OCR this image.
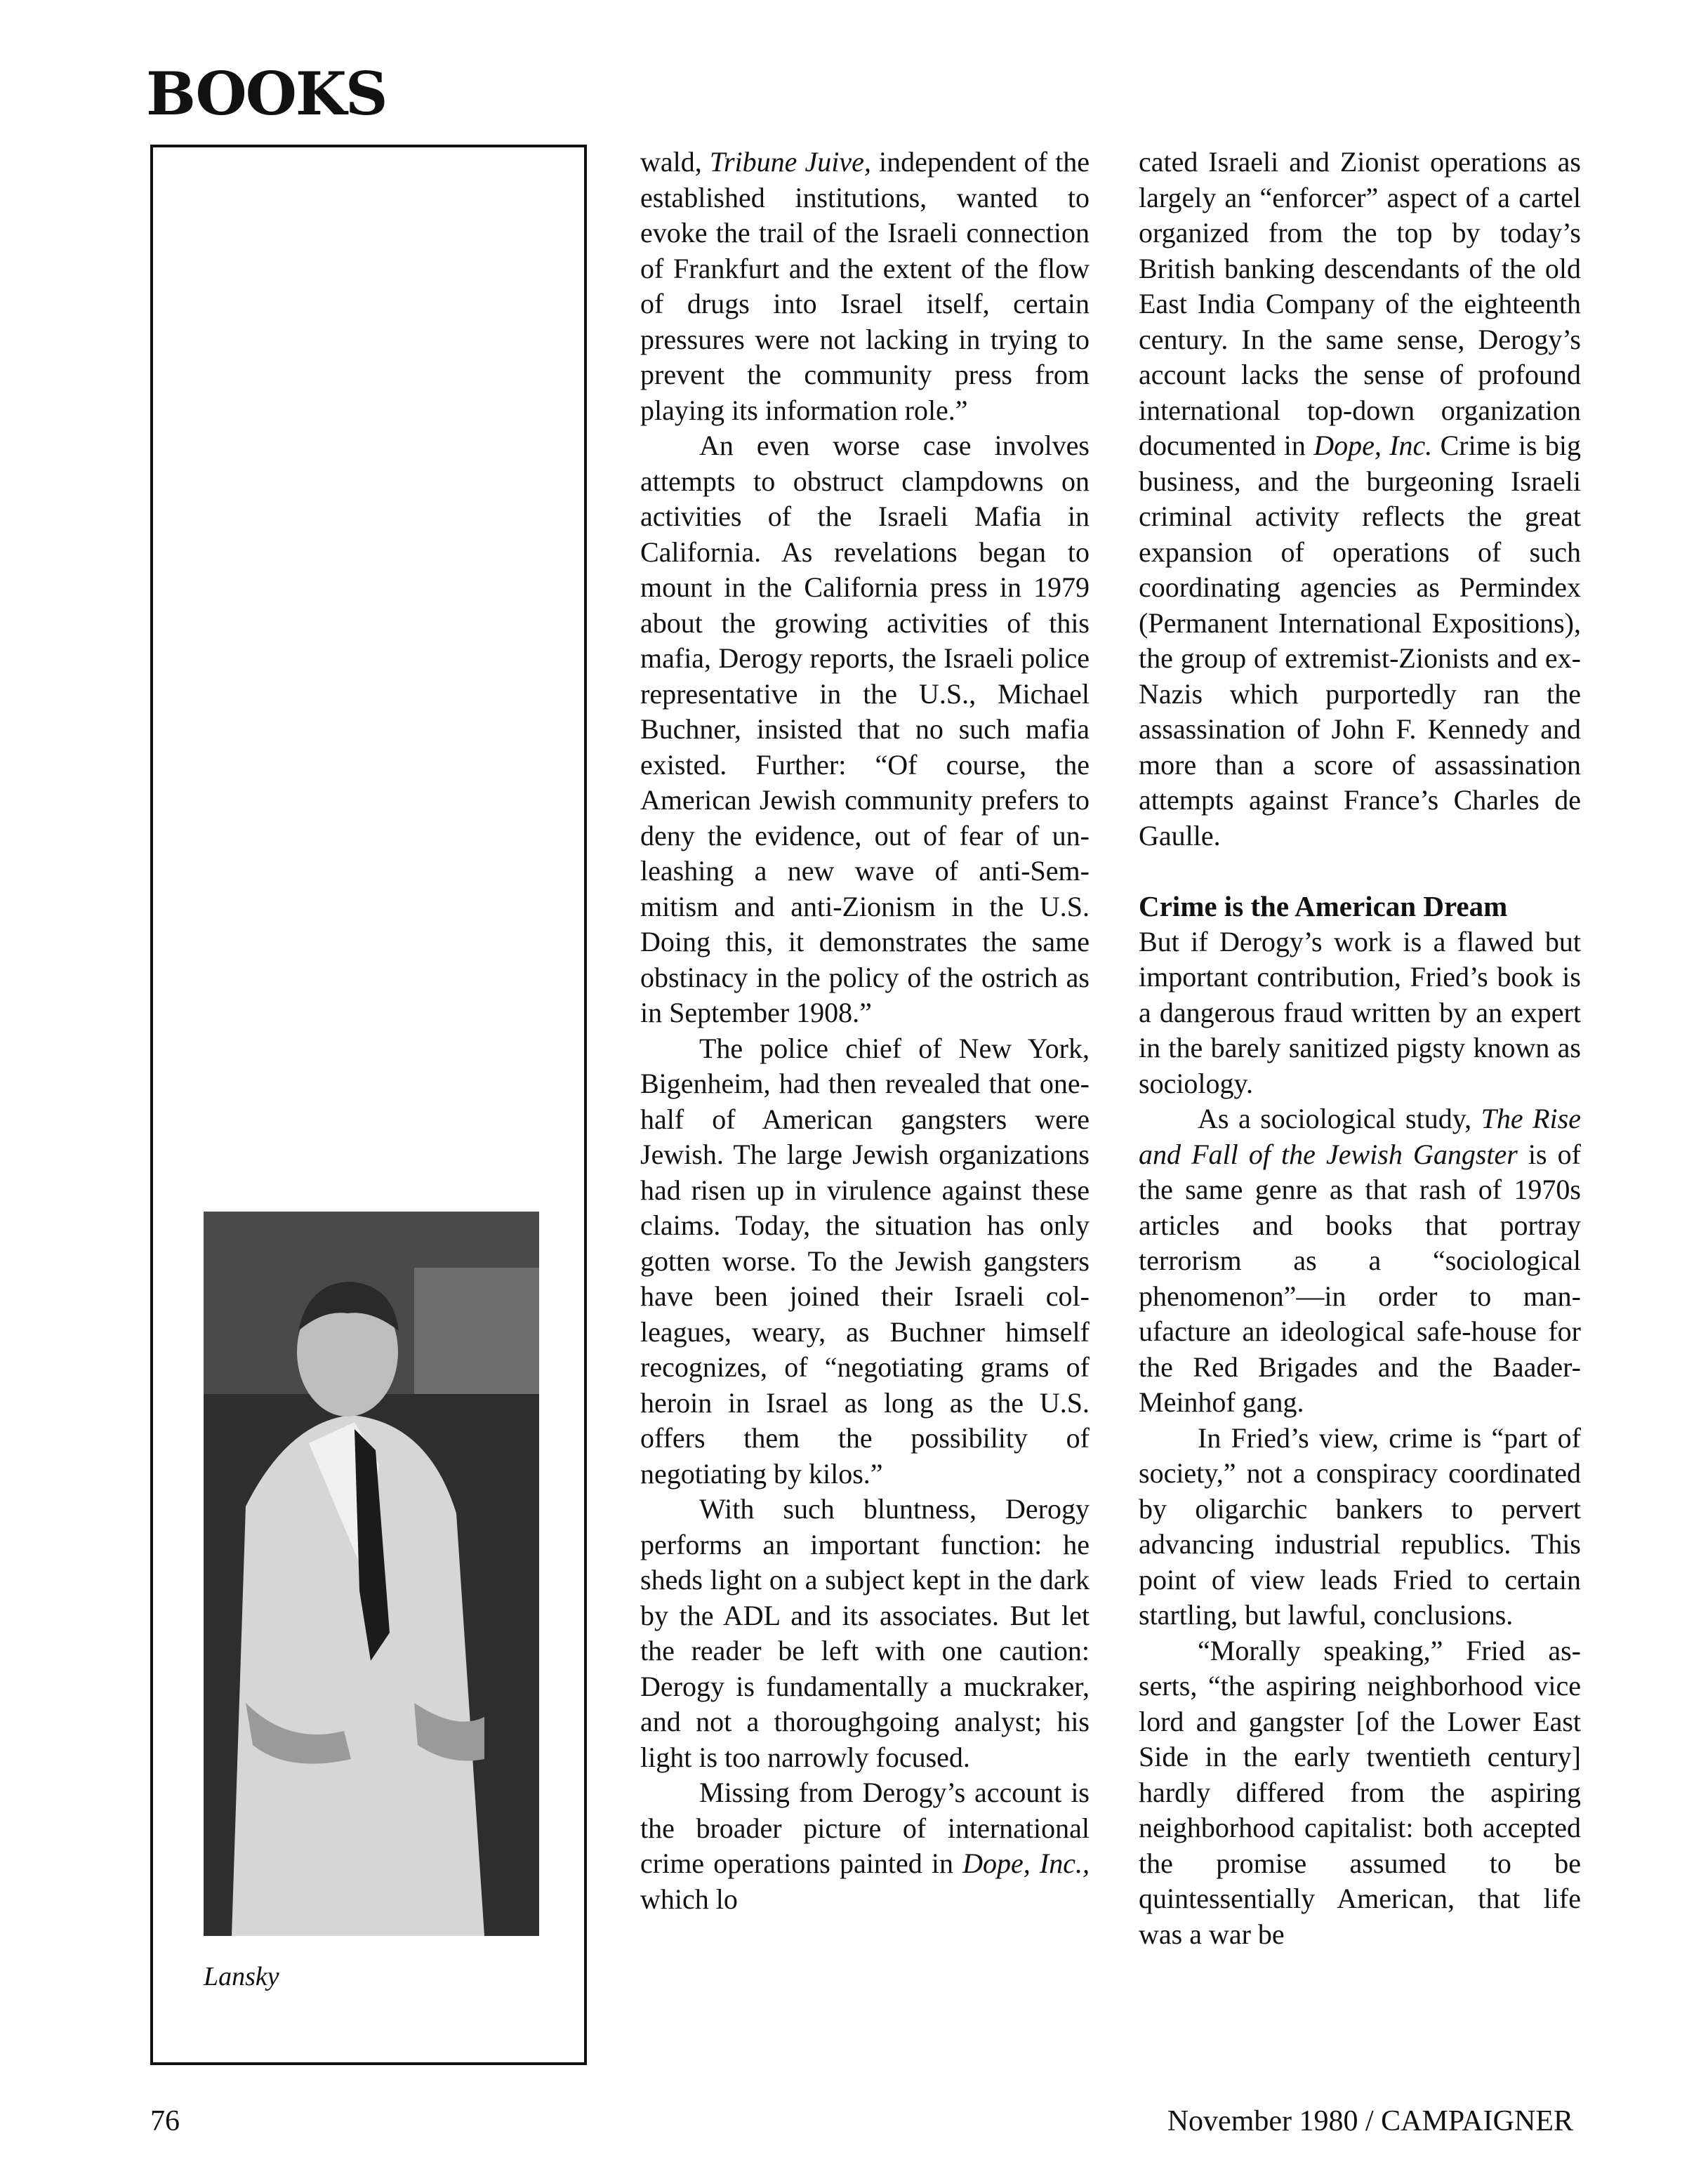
BOOKS

Lansky

wald, Tribune Juive, independent of the established institutions, wanted to evoke the trail of the Israeli connection of Frankfurt and the extent of the flow of drugs into Israel itself, certain pressures were not lacking in trying to prevent the community press from playing its information role.”

An even worse case involves attempts to obstruct clampdowns on activities of the Israeli Mafia in California. As revelations began to mount in the California press in 1979 about the growing activities of this mafia, Derogy reports, the Israeli police representative in the U.S., Michael Buchner, insisted that no such mafia existed. Further: “Of course, the American Jewish community prefers to deny the evidence, out of fear of unleashing a new wave of anti-Semmitism and anti-Zionism in the U.S. Doing this, it demonstrates the same obstinacy in the policy of the ostrich as in September 1908.”

The police chief of New York, Bigenheim, had then revealed that one-half of American gangsters were Jewish. The large Jewish organizations had risen up in virulence against these claims. Today, the situation has only gotten worse. To the Jewish gangsters have been joined their Israeli colleagues, weary, as Buchner himself recognizes, of “negotiating grams of heroin in Israel as long as the U.S. offers them the possibility of negotiating by kilos.”

With such bluntness, Derogy performs an important function: he sheds light on a subject kept in the dark by the ADL and its associates. But let the reader be left with one caution: Derogy is fundamentally a muckraker, and not a thoroughgoing analyst; his light is too narrowly focused.

Missing from Derogy’s account is the broader picture of international crime operations painted in Dope, Inc., which lo

cated Israeli and Zionist operations as largely an “enforcer” aspect of a cartel organized from the top by today’s British banking descendants of the old East India Company of the eighteenth century. In the same sense, Derogy’s account lacks the sense of profound international top-down organization documented in Dope, Inc. Crime is big business, and the burgeoning Israeli criminal activity reflects the great expansion of operations of such coordinating agencies as Permindex (Permanent International Expositions), the group of extremist-Zionists and ex-Nazis which purportedly ran the assassination of John F. Kennedy and more than a score of assassination attempts against France’s Charles de Gaulle.

Crime is the American Dream

But if Derogy’s work is a flawed but important contribution, Fried’s book is a dangerous fraud written by an expert in the barely sanitized pigsty known as sociology.

As a sociological study, The Rise and Fall of the Jewish Gangster is of the same genre as that rash of 1970s articles and books that portray terrorism as a “sociological phenomenon”—in order to manufacture an ideological safe-house for the Red Brigades and the Baader-Meinhof gang.

In Fried’s view, crime is “part of society,” not a conspiracy coordinated by oligarchic bankers to pervert advancing industrial republics. This point of view leads Fried to certain startling, but lawful, conclusions.

“Morally speaking,” Fried asserts, “the aspiring neighborhood vice lord and gangster [of the Lower East Side in the early twentieth century] hardly differed from the aspiring neighborhood capitalist: both accepted the promise assumed to be quintessentially American, that life was a war be

76	November 1980 / CAMPAIGNER
